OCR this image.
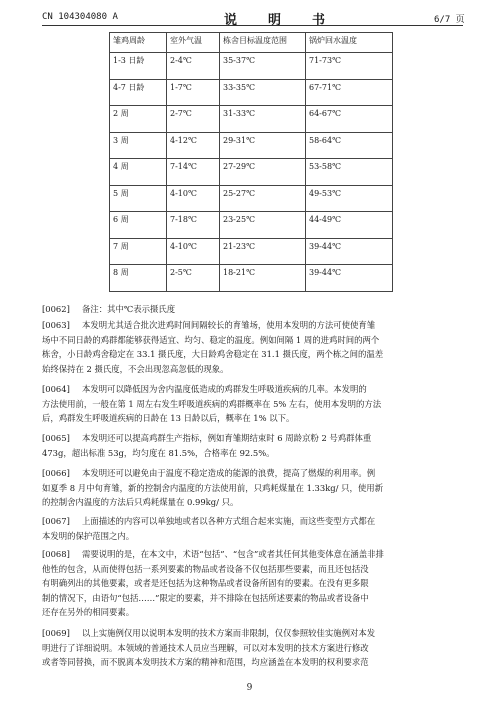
CN 104304080 A	说　明　书	6/7 页
雏鸡周龄	室外气温	栋舍目标温度范围	锅炉回水温度
1-3 日龄	2-4℃	35-37℃	71-73℃
4-7 日龄	1-7℃	33-35℃	67-71℃
2 周	2-7℃	31-33℃	64-67℃
3 周	4-12℃	29-31℃	58-64℃
4 周	7-14℃	27-29℃	53-58℃
5 周	4-10℃	25-27℃	49-53℃
6 周	7-18℃	23-25℃	44-49℃
7 周	4-10℃	21-23℃	39-44℃
8 周	2-5℃	18-21℃	39-44℃
[0062] 备注：其中℃表示摄氏度
[0063] 本发明尤其适合批次进鸡时间间隔较长的育雏场，使用本发明的方法可使使育雏
场中不同日龄的鸡群都能够获得适宜、均匀、稳定的温度。例如间隔 1 周的进鸡时间的两个
栋舍，小日龄鸡舍稳定在 33.1 摄氏度，大日龄鸡舍稳定在 31.1 摄氏度，两个栋之间的温差
始终保持在 2 摄氏度，不会出现忽高忽低的现象。
[0064] 本发明可以降低因为舍内温度低造成的鸡群发生呼吸道疾病的几率。本发明的
方法使用前，一般在第 1 周左右发生呼吸道疾病的鸡群概率在 5% 左右，使用本发明的方法
后，鸡群发生呼吸道疾病的日龄在 13 日龄以后，概率在 1% 以下。
[0065] 本发明还可以提高鸡群生产指标，例如育雏期结束时 6 周龄京粉 2 号鸡群体重
473g，超出标准 53g，均匀度在 81.5%，合格率在 92.5%。
[0066] 本发明还可以避免由于温度不稳定造成的能源的浪费，提高了燃煤的利用率。例
如夏季 8 月中旬育雏，新的控制舍内温度的方法使用前，只鸡耗煤量在 1.33kg/ 只，使用新
的控制舍内温度的方法后只鸡耗煤量在 0.99kg/ 只。
[0067] 上面描述的内容可以单独地或者以各种方式组合起来实施，而这些变型方式都在
本发明的保护范围之内。
[0068] 需要说明的是，在本文中，术语“包括”、“包含”或者其任何其他变体意在涵盖非排
他性的包含，从而使得包括一系列要素的物品或者设备不仅包括那些要素，而且还包括没
有明确列出的其他要素，或者是还包括为这种物品或者设备所固有的要素。在没有更多限
制的情况下，由语句“包括……”限定的要素，并不排除在包括所述要素的物品或者设备中
还存在另外的相同要素。
[0069] 以上实施例仅用以说明本发明的技术方案而非限制，仅仅参照较佳实施例对本发
明进行了详细说明。本领域的普通技术人员应当理解，可以对本发明的技术方案进行修改
或者等同替换，而不脱离本发明技术方案的精神和范围，均应涵盖在本发明的权利要求范
9
